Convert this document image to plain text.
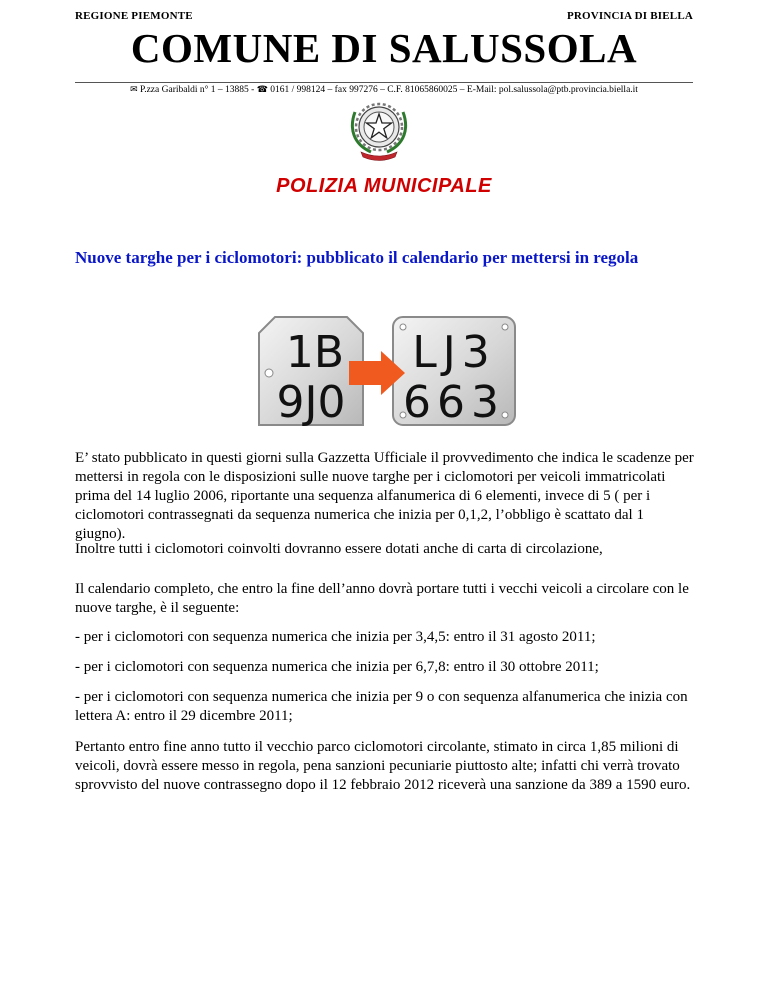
REGIONE PIEMONTE	PROVINCIA DI BIELLA
COMUNE DI SALUSSOLA
✉ P.zza Garibaldi n° 1 – 13885 - ☎ 0161 / 998124 – fax 997276 – C.F. 81065860025 – E-Mail: pol.salussola@ptb.provincia.biella.it
POLIZIA MUNICIPALE
Nuove targhe per i ciclomotori: pubblicato il calendario per mettersi in regola
1B
9J0
LJ3
663

E’ stato pubblicato in questi giorni sulla Gazzetta Ufficiale il provvedimento che indica le scadenze per mettersi in regola con le disposizioni sulle nuove targhe per i ciclomotori per veicoli immatricolati prima del 14 luglio 2006, riportante una sequenza alfanumerica di 6 elementi, invece di 5 ( per i ciclomotori contrassegnati da sequenza numerica che inizia per 0,1,2, l’obbligo è scattato dal 1 giugno).

Inoltre tutti i ciclomotori coinvolti dovranno essere dotati anche di carta di circolazione,

Il calendario completo, che entro la fine dell’anno dovrà portare tutti i vecchi veicoli a circolare con le nuove targhe, è il seguente:

- per i ciclomotori con sequenza numerica che inizia per 3,4,5: entro il 31 agosto 2011;

- per i ciclomotori con sequenza numerica che inizia per 6,7,8: entro il 30 ottobre 2011;

- per i ciclomotori con sequenza numerica che inizia per 9 o con sequenza alfanumerica che inizia con lettera A: entro il 29 dicembre 2011;

Pertanto entro fine anno tutto il vecchio parco ciclomotori circolante, stimato in circa 1,85 milioni di veicoli, dovrà essere messo in regola, pena sanzioni pecuniarie piuttosto alte; infatti chi verrà trovato sprovvisto del nuove contrassegno dopo il 12 febbraio 2012 riceverà una sanzione da 389 a 1590 euro.
